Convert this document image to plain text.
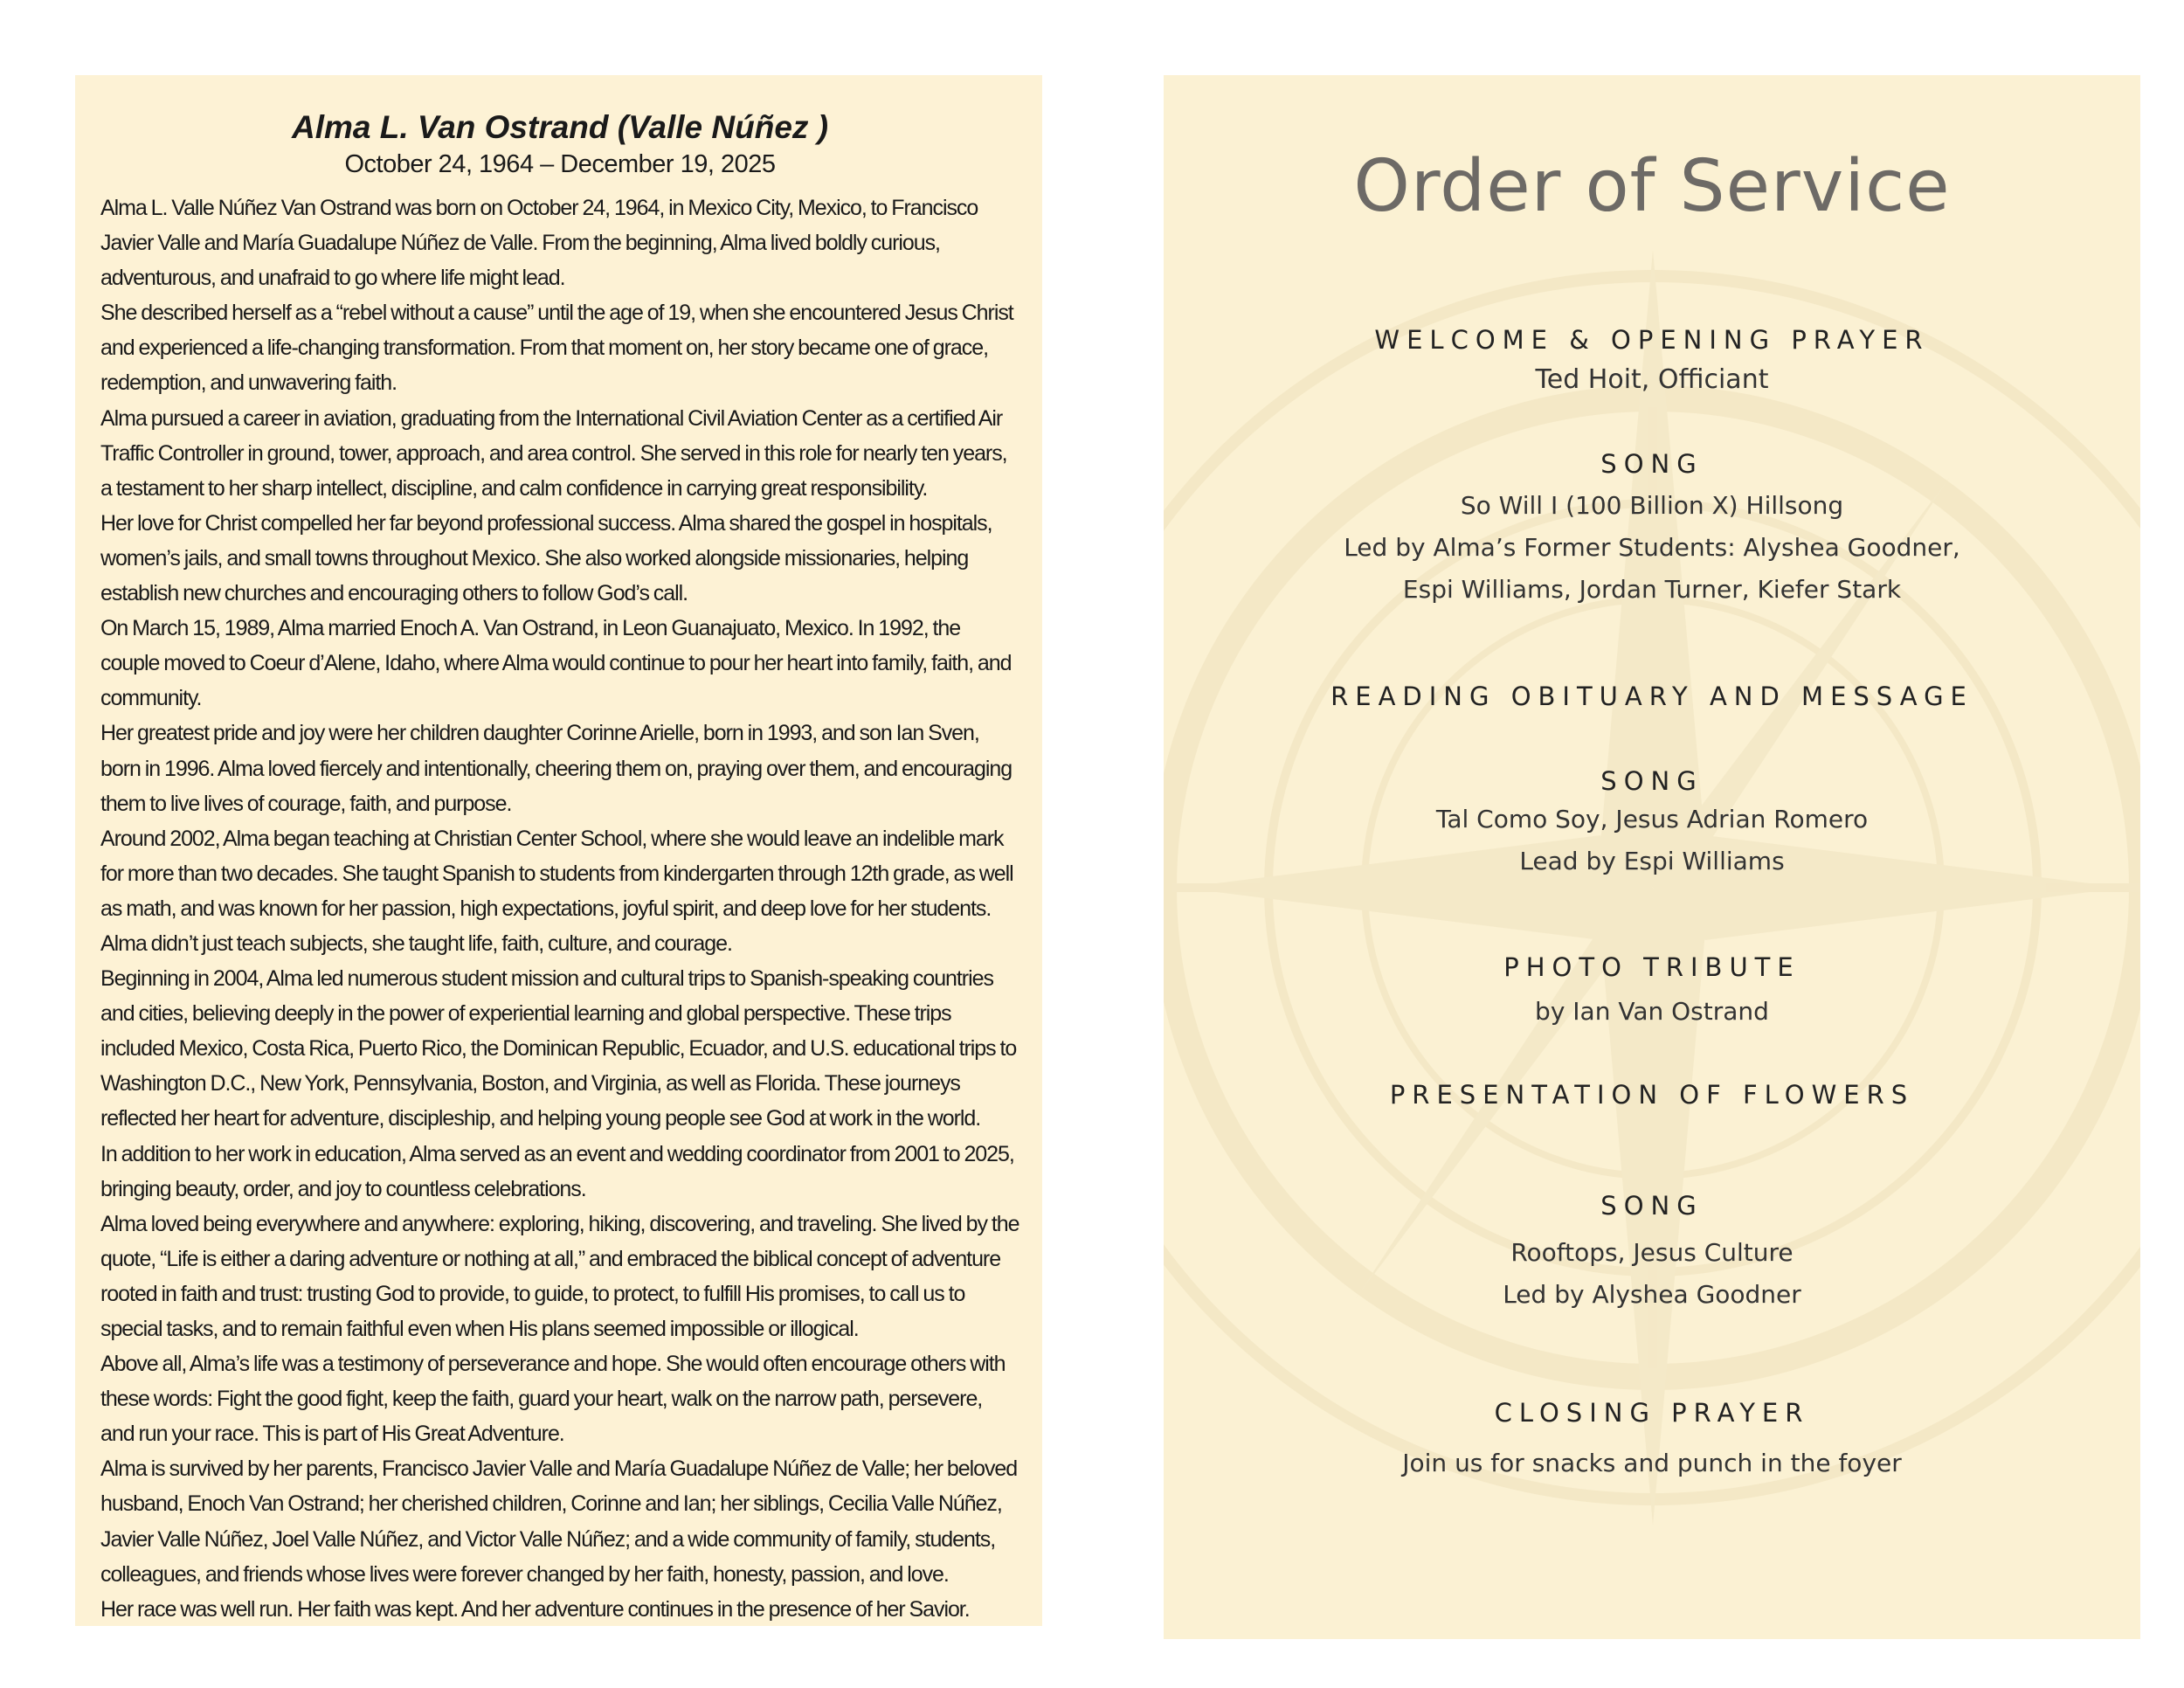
Alma L. Van Ostrand (Valle Núñez )
October 24, 1964 – December 19, 2025

Alma L. Valle Núñez Van Ostrand was born on October 24, 1964, in Mexico City, Mexico, to Francisco Javier Valle and María Guadalupe Núñez de Valle. From the beginning, Alma lived boldly curious, adventurous, and unafraid to go where life might lead.

She described herself as a “rebel without a cause” until the age of 19, when she encountered Jesus Christ and experienced a life-changing transformation. From that moment on, her story became one of grace, redemption, and unwavering faith.

Alma pursued a career in aviation, graduating from the International Civil Aviation Center as a certified Air Traffic Controller in ground, tower, approach, and area control. She served in this role for nearly ten years, a testament to her sharp intellect, discipline, and calm confidence in carrying great responsibility.

Her love for Christ compelled her far beyond professional success. Alma shared the gospel in hospitals, women’s jails, and small towns throughout Mexico. She also worked alongside missionaries, helping establish new churches and encouraging others to follow God’s call.

On March 15, 1989, Alma married Enoch A. Van Ostrand, in Leon Guanajuato, Mexico. In 1992, the couple moved to Coeur d’Alene, Idaho, where Alma would continue to pour her heart into family, faith, and community.

Her greatest pride and joy were her children daughter Corinne Arielle, born in 1993, and son Ian Sven, born in 1996. Alma loved fiercely and intentionally, cheering them on, praying over them, and encouraging them to live lives of courage, faith, and purpose.

Around 2002, Alma began teaching at Christian Center School, where she would leave an indelible mark for more than two decades. She taught Spanish to students from kindergarten through 12th grade, as well as math, and was known for her passion, high expectations, joyful spirit, and deep love for her students. Alma didn’t just teach subjects, she taught life, faith, culture, and courage.

Beginning in 2004, Alma led numerous student mission and cultural trips to Spanish-speaking countries and cities, believing deeply in the power of experiential learning and global perspective. These trips included Mexico, Costa Rica, Puerto Rico, the Dominican Republic, Ecuador, and U.S. educational trips to Washington D.C., New York, Pennsylvania, Boston, and Virginia, as well as Florida. These journeys reflected her heart for adventure, discipleship, and helping young people see God at work in the world.

In addition to her work in education, Alma served as an event and wedding coordinator from 2001 to 2025, bringing beauty, order, and joy to countless celebrations.

Alma loved being everywhere and anywhere: exploring, hiking, discovering, and traveling. She lived by the quote, “Life is either a daring adventure or nothing at all,” and embraced the biblical concept of adventure rooted in faith and trust: trusting God to provide, to guide, to protect, to fulfill His promises, to call us to special tasks, and to remain faithful even when His plans seemed impossible or illogical.

Above all, Alma’s life was a testimony of perseverance and hope. She would often encourage others with these words: Fight the good fight, keep the faith, guard your heart, walk on the narrow path, persevere, and run your race. This is part of His Great Adventure.

Alma is survived by her parents, Francisco Javier Valle and María Guadalupe Núñez de Valle; her beloved husband, Enoch Van Ostrand; her cherished children, Corinne and Ian; her siblings, Cecilia Valle Núñez, Javier Valle Núñez, Joel Valle Núñez, and Victor Valle Núñez; and a wide community of family, students, colleagues, and friends whose lives were forever changed by her faith, honesty, passion, and love.

Her race was well run. Her faith was kept. And her adventure continues in the presence of her Savior.

Order of Service
WELCOME & OPENING PRAYER
Ted Hoit, Officiant
SONG
So Will I (100 Billion X) Hillsong
Led by Alma’s Former Students: Alyshea Goodner,
Espi Williams, Jordan Turner, Kiefer Stark
READING OBITUARY AND MESSAGE
SONG
Tal Como Soy, Jesus Adrian Romero
Lead by Espi Williams
PHOTO TRIBUTE
by Ian Van Ostrand
PRESENTATION OF FLOWERS
SONG
Rooftops, Jesus Culture
Led by Alyshea Goodner
CLOSING PRAYER
Join us for snacks and punch in the foyer
